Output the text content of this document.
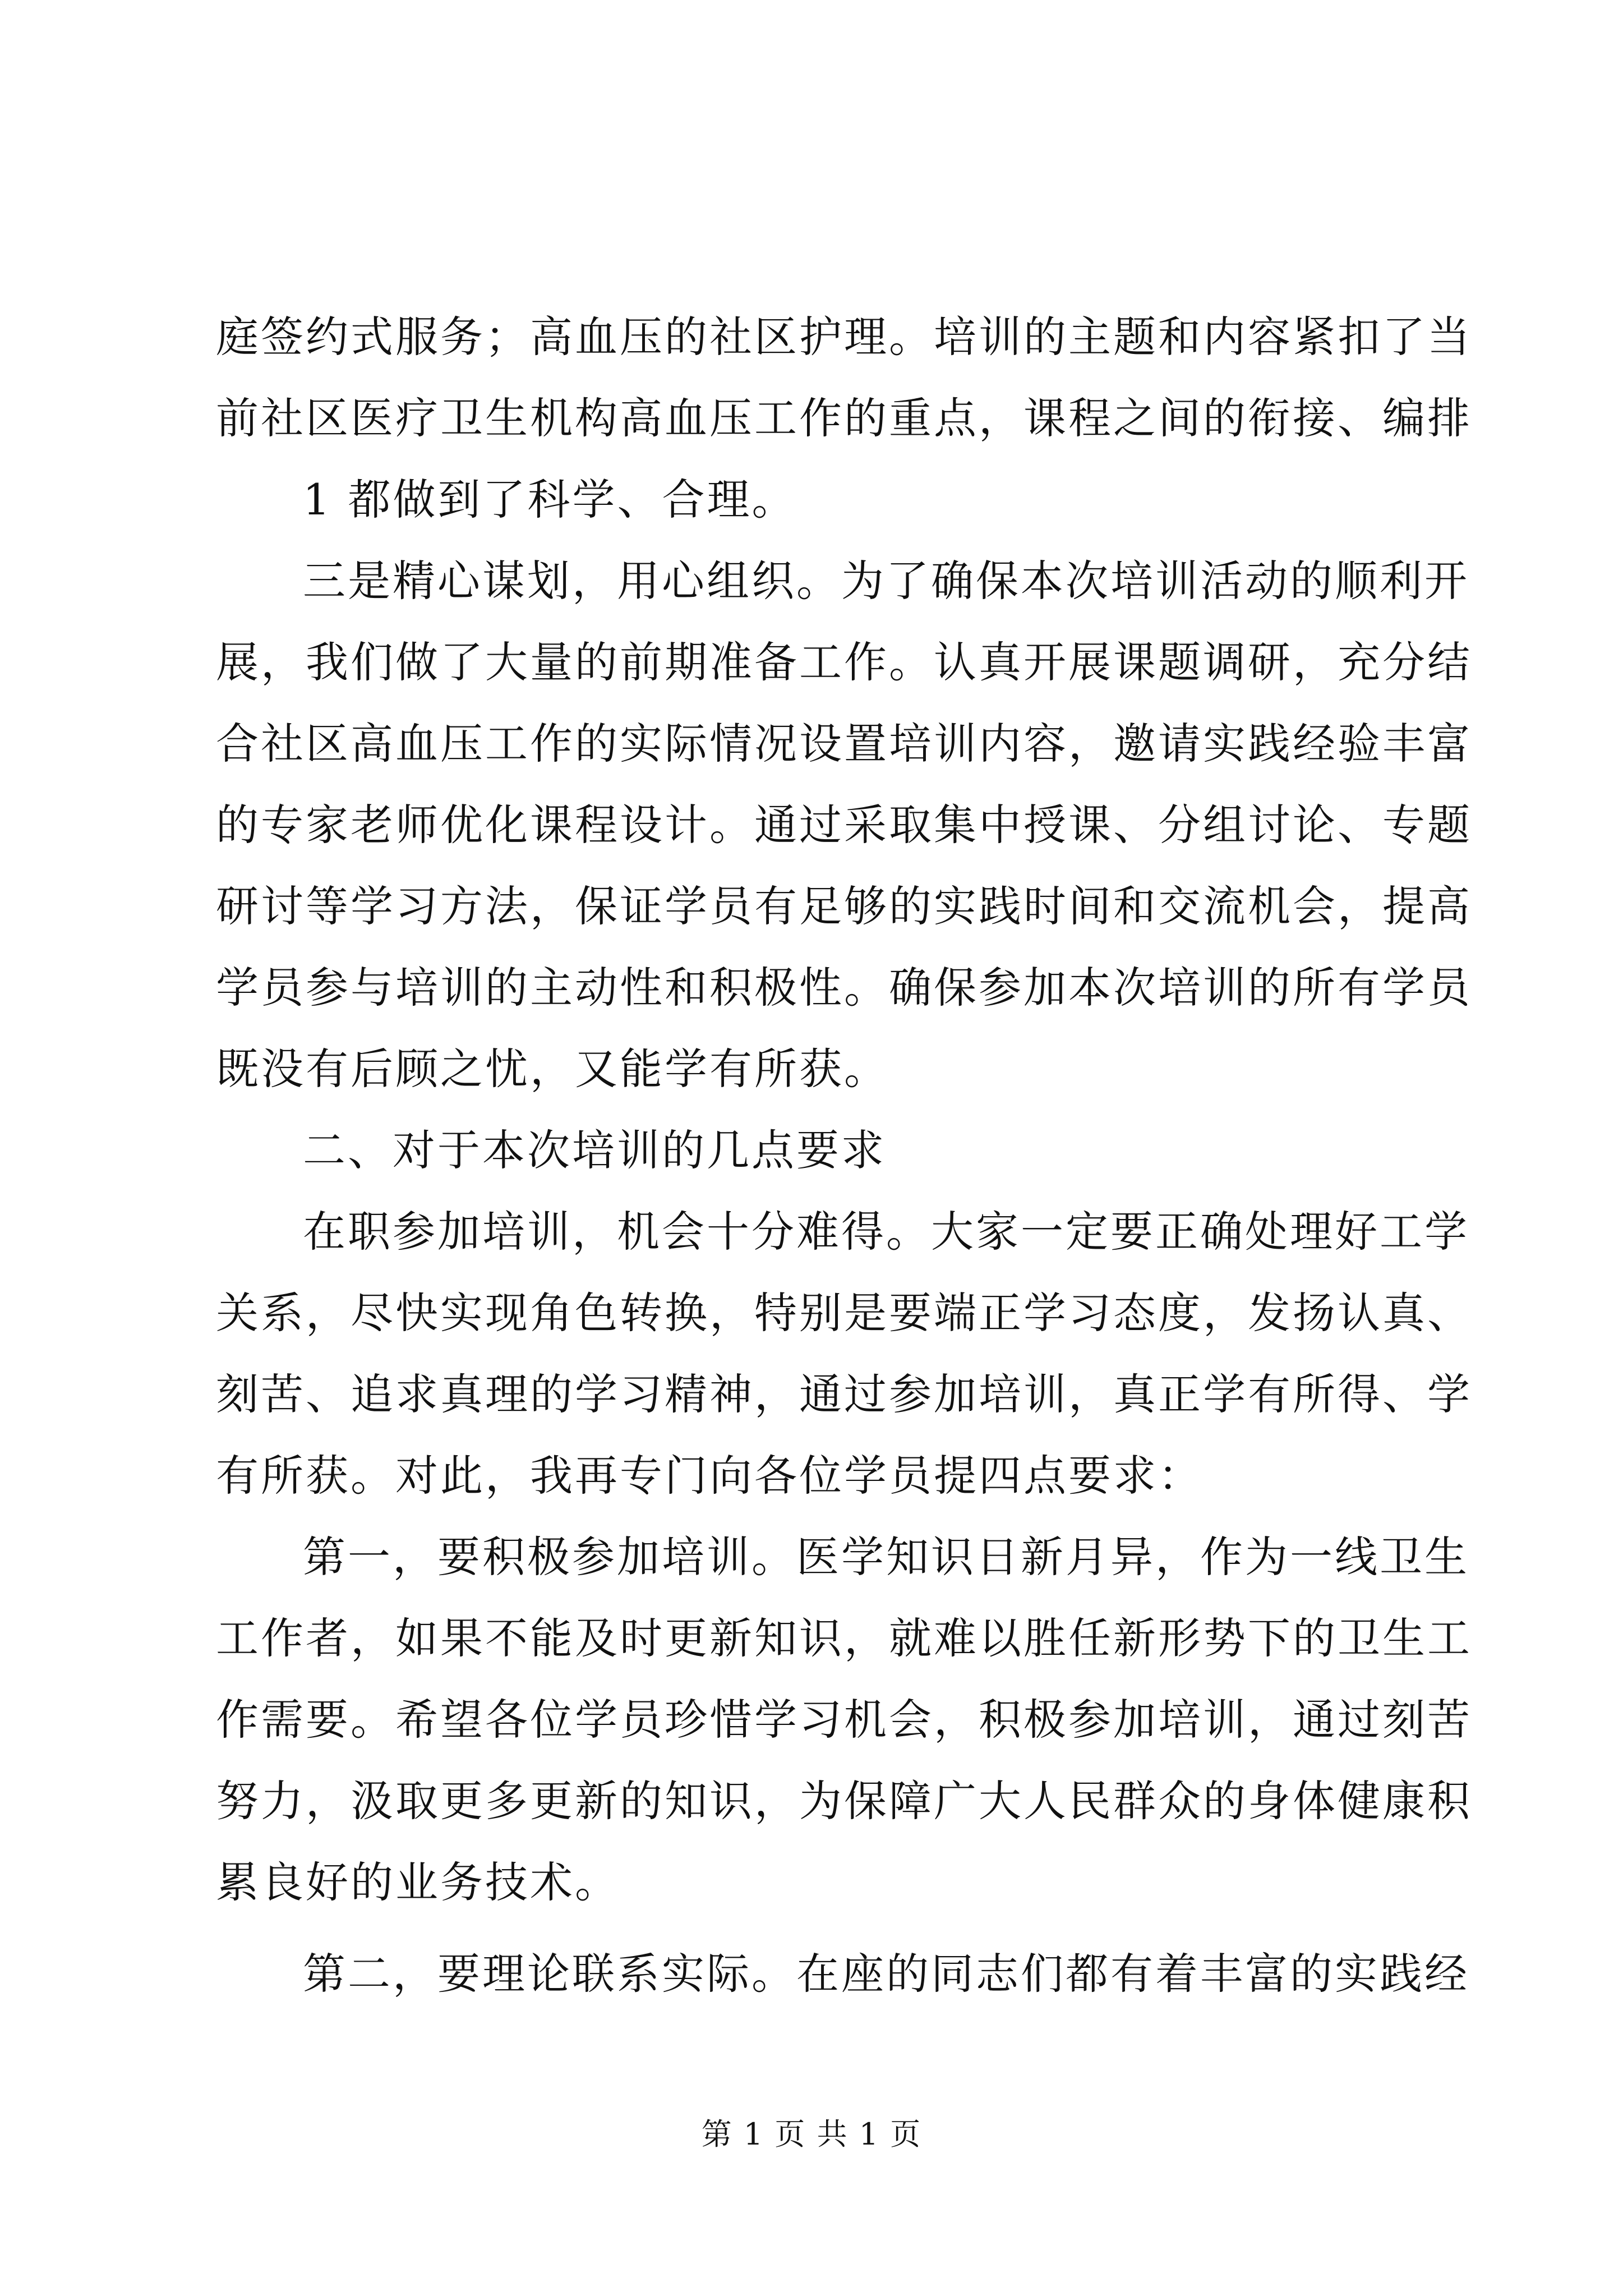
庭签约式服务；高血压的社区护理。培训的主题和内容紧扣了当
前社区医疗卫生机构高血压工作的重点，课程之间的衔接、编排
1 都做到了科学、合理。
三是精心谋划，用心组织。为了确保本次培训活动的顺利开
展，我们做了大量的前期准备工作。认真开展课题调研，充分结
合社区高血压工作的实际情况设置培训内容，邀请实践经验丰富
的专家老师优化课程设计。通过采取集中授课、分组讨论、专题
研讨等学习方法，保证学员有足够的实践时间和交流机会，提高
学员参与培训的主动性和积极性。确保参加本次培训的所有学员
既没有后顾之忧，又能学有所获。
二、对于本次培训的几点要求
在职参加培训，机会十分难得。大家一定要正确处理好工学
关系，尽快实现角色转换，特别是要端正学习态度，发扬认真、
刻苦、追求真理的学习精神，通过参加培训，真正学有所得、学
有所获。对此，我再专门向各位学员提四点要求：
第一，要积极参加培训。医学知识日新月异，作为一线卫生
工作者，如果不能及时更新知识，就难以胜任新形势下的卫生工
作需要。希望各位学员珍惜学习机会，积极参加培训，通过刻苦
努力，汲取更多更新的知识，为保障广大人民群众的身体健康积
累良好的业务技术。
第二，要理论联系实际。在座的同志们都有着丰富的实践经
第 1 页 共 1 页
